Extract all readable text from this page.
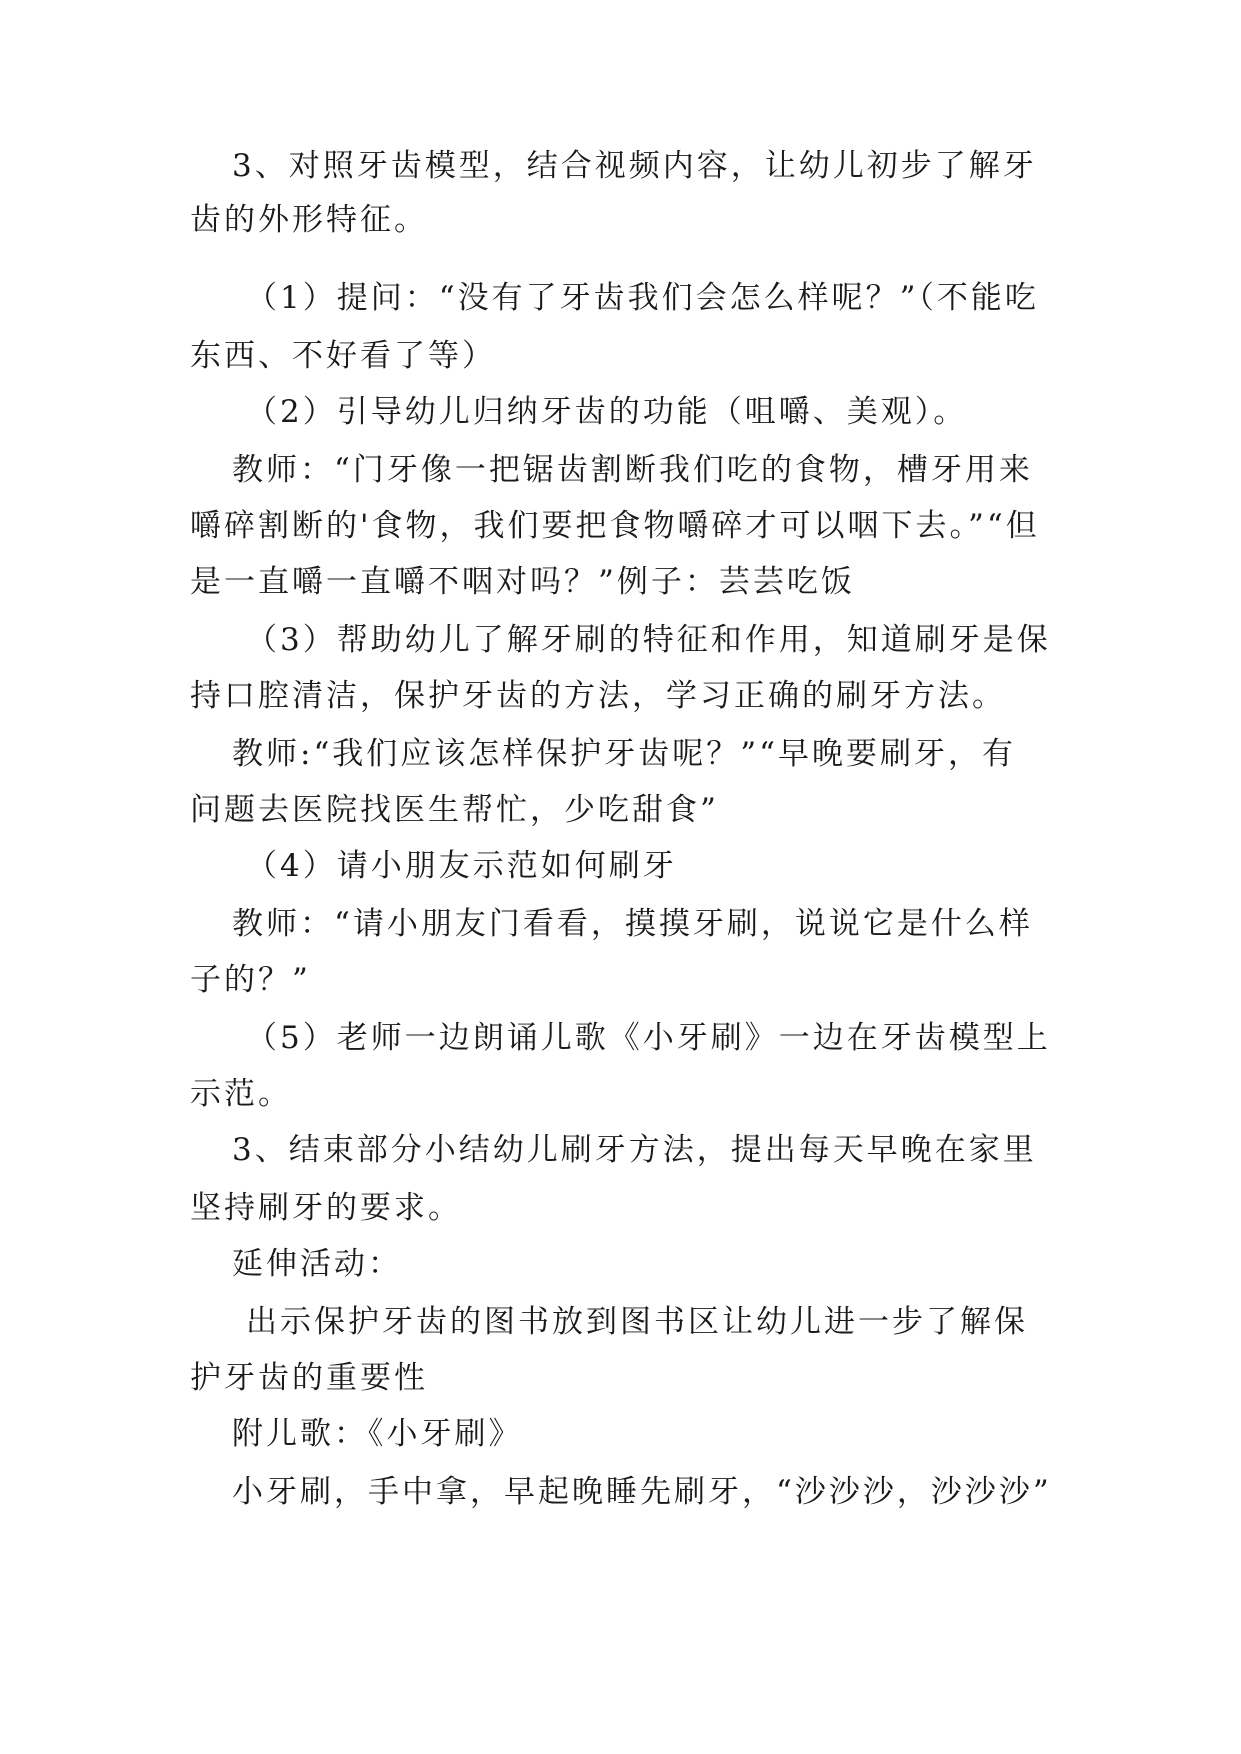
3、对照牙齿模型，结合视频内容，让幼儿初步了解牙
齿的外形特征。
（1）提问：“没有了牙齿我们会怎么样呢？”（不能吃
东西、不好看了等）
（2）引导幼儿归纳牙齿的功能（咀嚼、美观）。
教师：“门牙像一把锯齿割断我们吃的食物，槽牙用来
嚼碎割断的'食物，我们要把食物嚼碎才可以咽下去。”“但
是一直嚼一直嚼不咽对吗？”例子：芸芸吃饭
（3）帮助幼儿了解牙刷的特征和作用，知道刷牙是保
持口腔清洁，保护牙齿的方法，学习正确的刷牙方法。
教师:“我们应该怎样保护牙齿呢？”“早晚要刷牙，有
问题去医院找医生帮忙，少吃甜食”
（4）请小朋友示范如何刷牙
教师：“请小朋友门看看，摸摸牙刷，说说它是什么样
子的？”
（5）老师一边朗诵儿歌《小牙刷》一边在牙齿模型上
示范。
3、结束部分小结幼儿刷牙方法，提出每天早晚在家里
坚持刷牙的要求。
延伸活动：
出示保护牙齿的图书放到图书区让幼儿进一步了解保
护牙齿的重要性
附儿歌：《小牙刷》
小牙刷，手中拿，早起晚睡先刷牙，“沙沙沙，沙沙沙”
